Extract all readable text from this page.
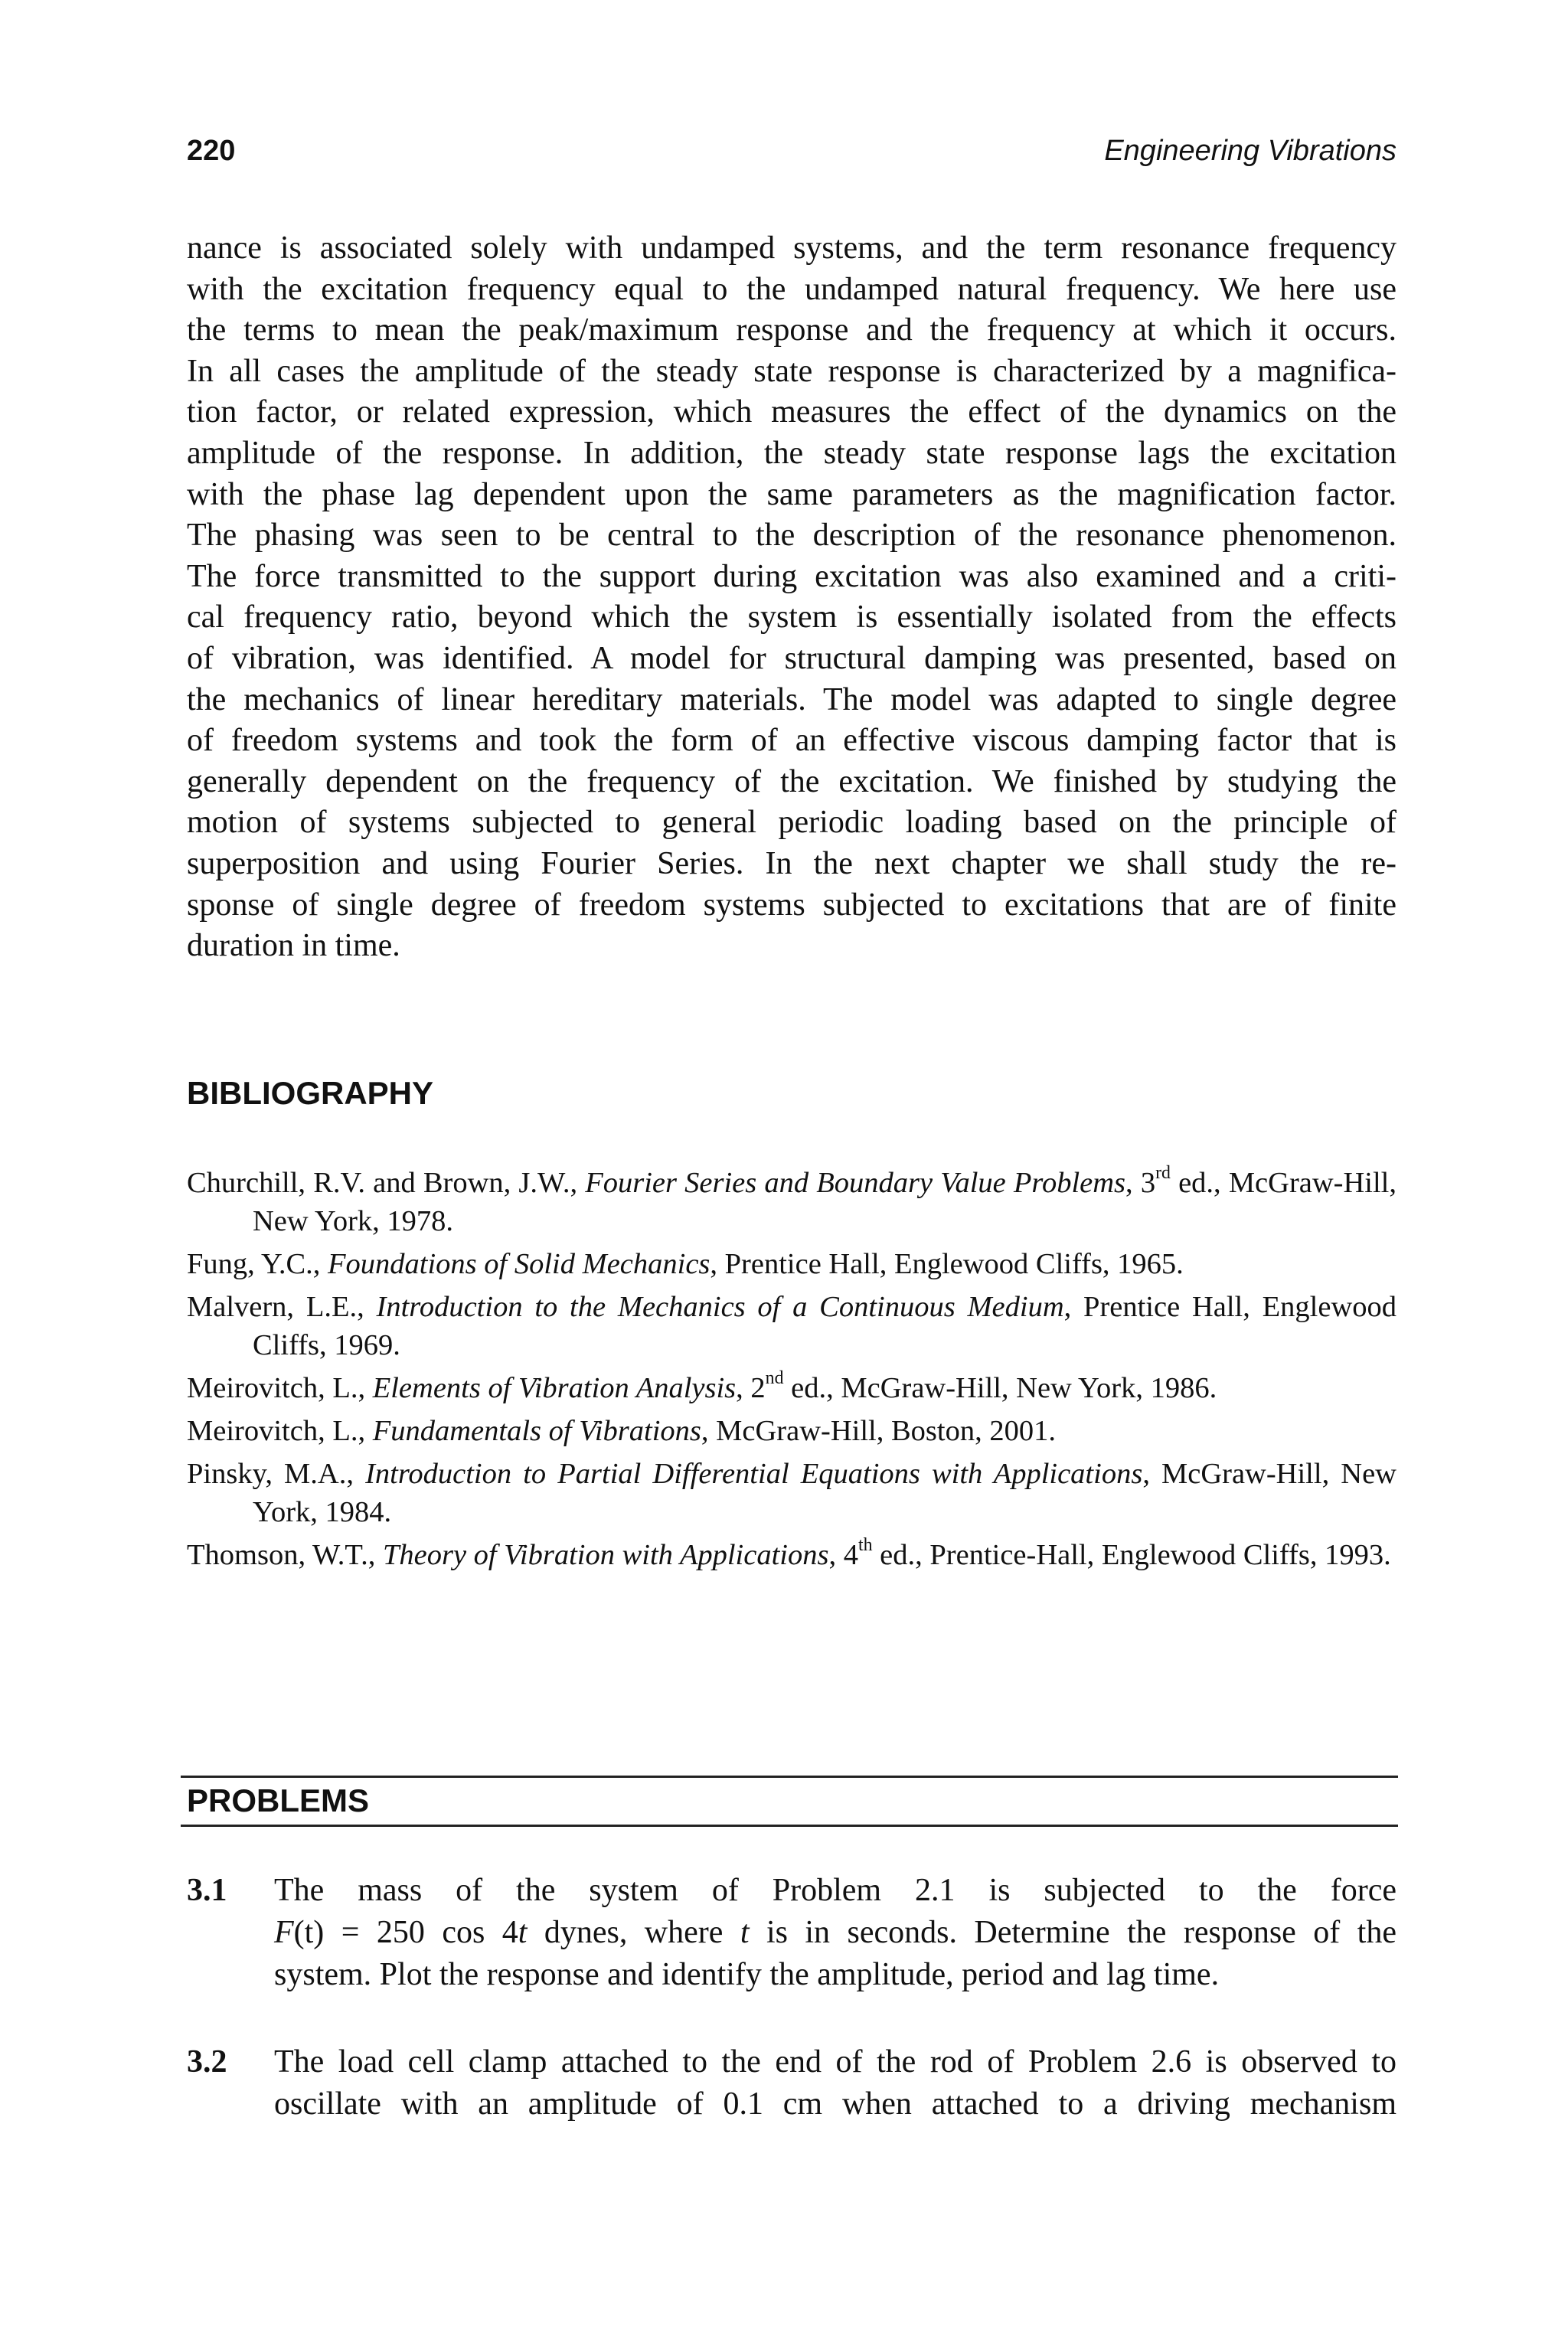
220	Engineering Vibrations
nance is associated solely with undamped systems, and the term resonance frequency
with the excitation frequency equal to the undamped natural frequency. We here use
the terms to mean the peak/maximum response and the frequency at which it occurs.
In all cases the amplitude of the steady state response is characterized by a magnifica-
tion factor, or related expression, which measures the effect of the dynamics on the
amplitude of the response. In addition, the steady state response lags the excitation
with the phase lag dependent upon the same parameters as the magnification factor.
The phasing was seen to be central to the description of the resonance phenomenon.
The force transmitted to the support during excitation was also examined and a criti-
cal frequency ratio, beyond which the system is essentially isolated from the effects
of vibration, was identified. A model for structural damping was presented, based on
the mechanics of linear hereditary materials. The model was adapted to single degree
of freedom systems and took the form of an effective viscous damping factor that is
generally dependent on the frequency of the excitation. We finished by studying the
motion of systems subjected to general periodic loading based on the principle of
superposition and using Fourier Series. In the next chapter we shall study the re-
sponse of single degree of freedom systems subjected to excitations that are of finite
duration in time.
BIBLIOGRAPHY
Churchill, R.V. and Brown, J.W., Fourier Series and Boundary Value Problems, 3rd ed., McGraw-Hill, New York, 1978.
Fung, Y.C., Foundations of Solid Mechanics, Prentice Hall, Englewood Cliffs, 1965.
Malvern, L.E., Introduction to the Mechanics of a Continuous Medium, Prentice Hall, Englewood Cliffs, 1969.
Meirovitch, L., Elements of Vibration Analysis, 2nd ed., McGraw-Hill, New York, 1986.
Meirovitch, L., Fundamentals of Vibrations, McGraw-Hill, Boston, 2001.
Pinsky, M.A., Introduction to Partial Differential Equations with Applications, McGraw-Hill, New York, 1984.
Thomson, W.T., Theory of Vibration with Applications, 4th ed., Prentice-Hall, Englewood Cliffs, 1993.
PROBLEMS
3.1 The mass of the system of Problem 2.1 is subjected to the force
F(t) = 250 cos 4t dynes, where t is in seconds. Determine the response of the
system. Plot the response and identify the amplitude, period and lag time.
3.2 The load cell clamp attached to the end of the rod of Problem 2.6 is observed to
oscillate with an amplitude of 0.1 cm when attached to a driving mechanism
